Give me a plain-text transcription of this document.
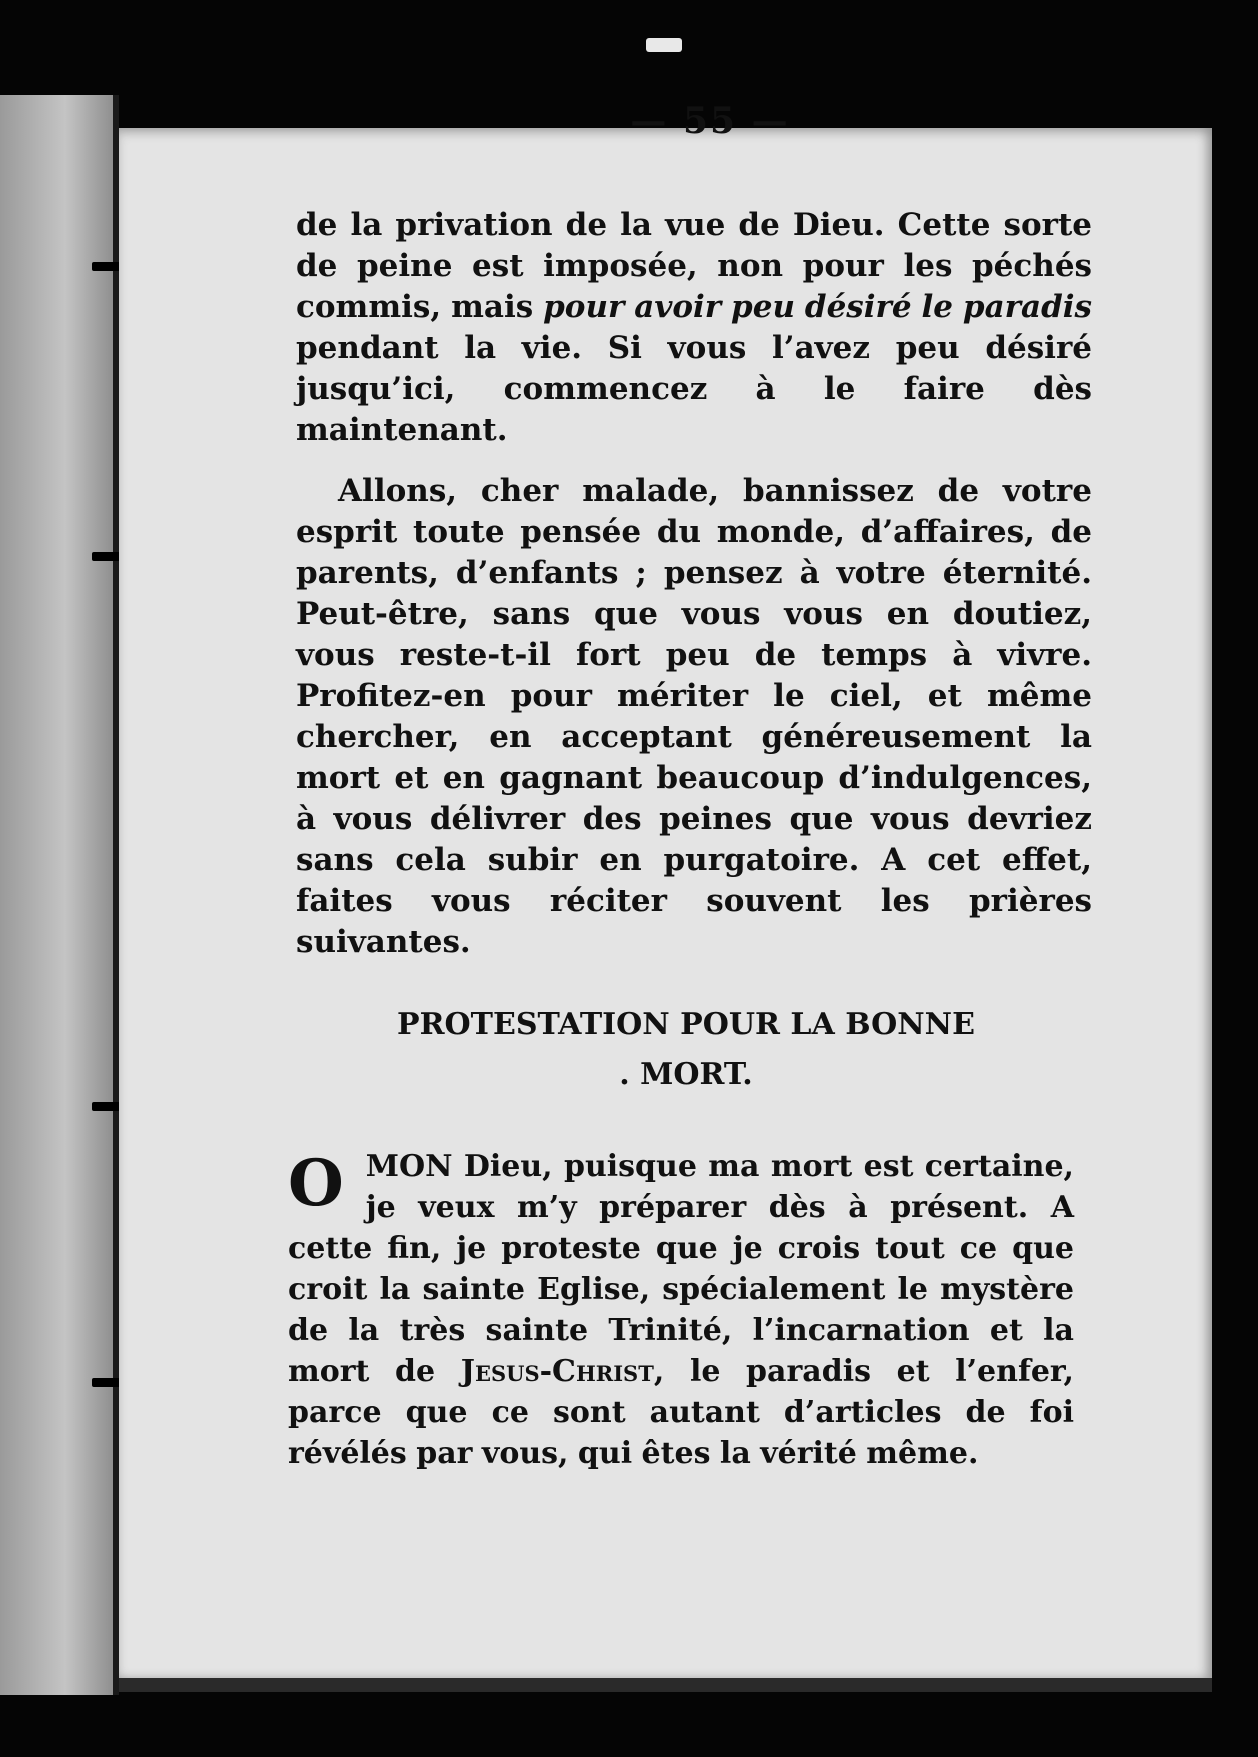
— 55 —

de la privation de la vue de Dieu. Cette sorte de peine est imposée, non pour les péchés commis, mais pour avoir peu désiré le paradis pendant la vie. Si vous l’avez peu désiré jusqu’ici, commencez à le faire dès maintenant.

Allons, cher malade, bannissez de votre esprit toute pensée du monde, d’affaires, de parents, d’enfants ; pensez à votre éternité. Peut-être, sans que vous vous en doutiez, vous reste-t-il fort peu de temps à vivre. Profitez-en pour mériter le ciel, et même chercher, en acceptant généreusement la mort et en gagnant beaucoup d’indulgences, à vous délivrer des peines que vous devriez sans cela subir en purgatoire. A cet effet, faites vous réciter souvent les prières suivantes.

PROTESTATION POUR LA BONNE
. MORT.
OMON Dieu, puisque ma mort est certaine, je veux m’y préparer dès à présent. A cette fin, je proteste que je crois tout ce que croit la sainte Eglise, spécialement le mystère de la très sainte Trinité, l’incarnation et la mort de Jesus-Christ, le paradis et l’enfer, parce que ce sont autant d’articles de foi révélés par vous, qui êtes la vérité même.
